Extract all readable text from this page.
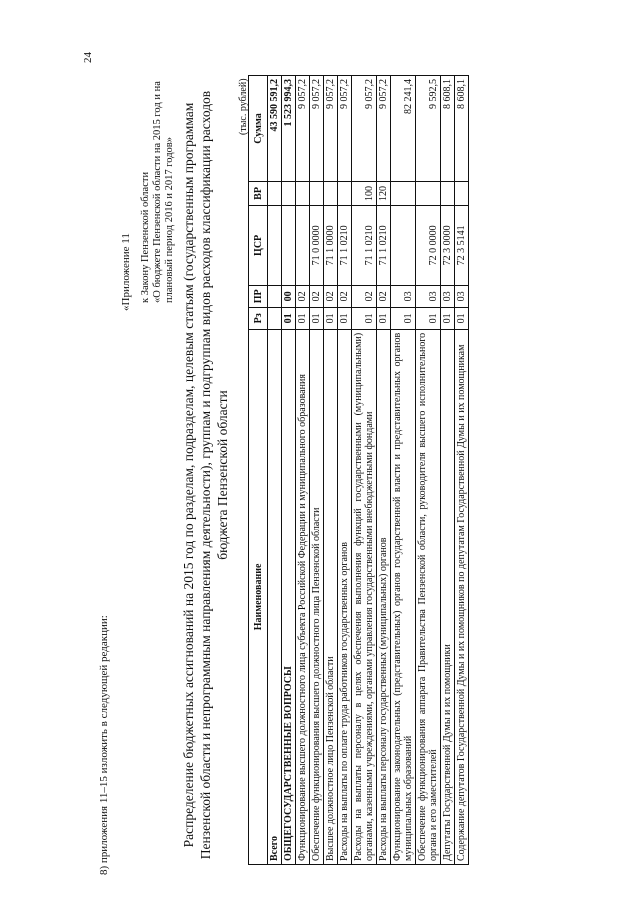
24
8) приложения 11–15 изложить в следующей редакции:
«Приложение 11 к Закону Пензенской области «О бюджете Пензенской области на 2015 год и на плановый период 2016 и 2017 годов» Распределение бюджетных ассигнований на 2015 год по разделам, подразделам, целевым статьям (государственным программам Пензенской области и непрограммным направлениям деятельности), группам и подгруппам видов расходов классификации расходов бюджета Пензенской области
(тыс. рублей)
Наименование	Рз	ПР	ЦСР	ВР	Сумма
Всего					43 590 591,2
ОБЩЕГОСУДАРСТВЕННЫЕ ВОПРОСЫ	01	00			1 523 994,3
Функционирование высшего должностного лица субъекта Российской Федерации и муниципального образования	01	02			9 057,2
Обеспечение функционирования высшего должностного лица Пензенской области	01	02	71 0 0000		9 057,2
Высшее должностное лицо Пензенской области	01	02	71 1 0000		9 057,2
Расходы на выплаты по оплате труда работников государственных органов	01	02	71 1 0210		9 057,2
Расходы на выплаты персоналу в целях обеспечения выполнения функций государственными (муниципальными) органами, казенными учреждениями, органами управления государственными внебюджетными фондами	01	02	71 1 0210	100	9 057,2
Расходы на выплаты персоналу государственных (муниципальных) органов	01	02	71 1 0210	120	9 057,2
Функционирование законодательных (представительных) органов государственной власти и представительных органов муниципальных образований	01	03			82 241,4
Обеспечение функционирования аппарата Правительства Пензенской области, руководителя высшего исполнительного органа и его заместителей	01	03	72 0 0000		9 592,5
Депутаты Государственной Думы и их помощники	01	03	72 3 0000		8 608,1
Содержание депутатов Государственной Думы и их помощников по депутатам Государственной Думы и их помощникам	01	03	72 3 5141		8 608,1
